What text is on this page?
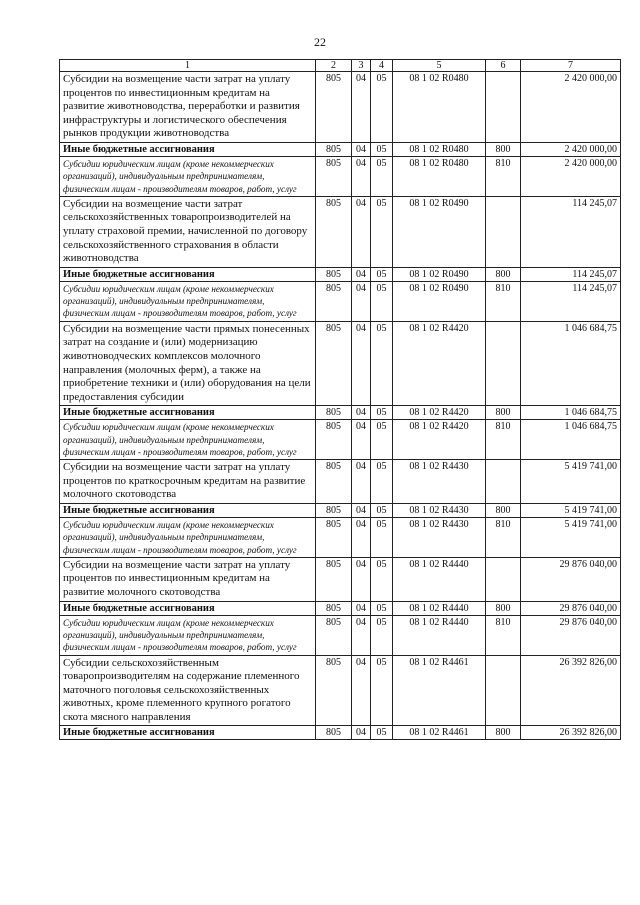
22
1	2	3	4	5	6	7
Субсидии на возмещение части затрат на уплату процентов по инвестиционным кредитам на развитие животноводства, переработки и развития инфраструктуры и логистического обеспечения рынков продукции животноводства	805	04	05	08 1 02 R0480		2 420 000,00
Иные бюджетные ассигнования	805	04	05	08 1 02 R0480	800	2 420 000,00
Субсидии юридическим лицам (кроме некоммерческих организаций), индивидуальным предпринимателям, физическим лицам - производителям товаров, работ, услуг	805	04	05	08 1 02 R0480	810	2 420 000,00
Субсидии на возмещение части затрат сельскохозяйственных товаропроизводителей на уплату страховой премии, начисленной по договору сельскохозяйственного страхования в области животноводства	805	04	05	08 1 02 R0490		114 245,07
Иные бюджетные ассигнования	805	04	05	08 1 02 R0490	800	114 245,07
Субсидии юридическим лицам (кроме некоммерческих организаций), индивидуальным предпринимателям, физическим лицам - производителям товаров, работ, услуг	805	04	05	08 1 02 R0490	810	114 245,07
Субсидии на возмещение части прямых понесенных затрат на создание и (или) модернизацию животноводческих комплексов молочного направления (молочных ферм), а также на приобретение техники и (или) оборудования на цели предоставления субсидии	805	04	05	08 1 02 R4420		1 046 684,75
Иные бюджетные ассигнования	805	04	05	08 1 02 R4420	800	1 046 684,75
Субсидии юридическим лицам (кроме некоммерческих организаций), индивидуальным предпринимателям, физическим лицам - производителям товаров, работ, услуг	805	04	05	08 1 02 R4420	810	1 046 684,75
Субсидии на возмещение части затрат на уплату процентов по краткосрочным кредитам на развитие молочного скотоводства	805	04	05	08 1 02 R4430		5 419 741,00
Иные бюджетные ассигнования	805	04	05	08 1 02 R4430	800	5 419 741,00
Субсидии юридическим лицам (кроме некоммерческих организаций), индивидуальным предпринимателям, физическим лицам - производителям товаров, работ, услуг	805	04	05	08 1 02 R4430	810	5 419 741,00
Субсидии на возмещение части затрат на уплату процентов по инвестиционным кредитам на развитие молочного скотоводства	805	04	05	08 1 02 R4440		29 876 040,00
Иные бюджетные ассигнования	805	04	05	08 1 02 R4440	800	29 876 040,00
Субсидии юридическим лицам (кроме некоммерческих организаций), индивидуальным предпринимателям, физическим лицам - производителям товаров, работ, услуг	805	04	05	08 1 02 R4440	810	29 876 040,00
Субсидии сельскохозяйственным товаропроизводителям на содержание племенного маточного поголовья сельскохозяйственных животных, кроме племенного крупного рогатого скота мясного направления	805	04	05	08 1 02 R4461		26 392 826,00
Иные бюджетные ассигнования	805	04	05	08 1 02 R4461	800	26 392 826,00
